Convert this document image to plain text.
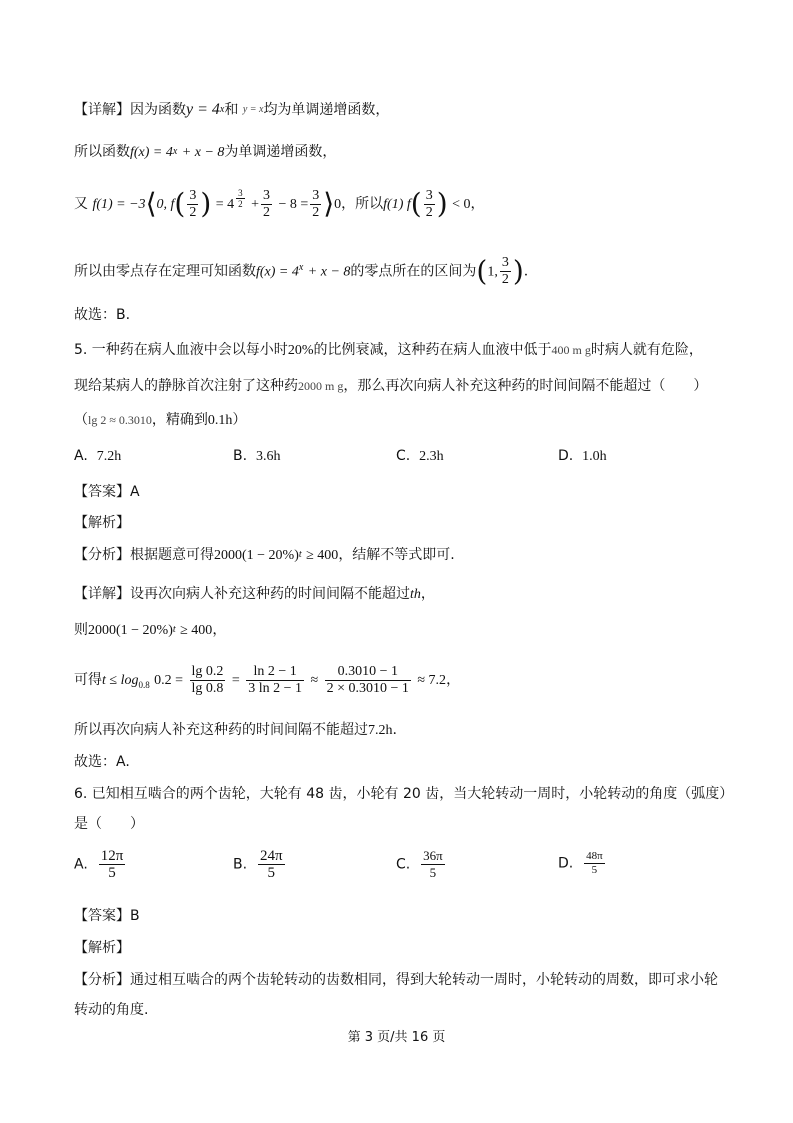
【详解】因为函数$y = 4^x$和 y = x均为单调递增函数，
所以函数$f(x) = 4^x + x - 8$为单调递增函数，
又 f(1) = −3⟨0, $f( \frac{3}{2}$ ) = $4 \frac{3}{2} + \frac{3}{2} - 8 = \frac{3}{2}$ ⟩0，所以f(1) $f( \frac{3}{2}$ ) < 0，
所以由零点存在定理可知函数$f(x) = 4^x + x - 8$的零点所在的区间为(1, $\frac{3}{2}$ ).
故选：B.
5. 一种药在病人血液中会以每小时20%的比例衰减，这种药在病人血液中低于400 m g时病人就有危险，
现给某病人的静脉首次注射了这种药2000 m g，那么再次向病人补充这种药的时间间隔不能超过（　　）
（lg 2 ≈ 0.3010，精确到0.1h）
A. 7.2h	B. 3.6h	C. 2.3h	D. 1.0h
【答案】A
【解析】
【分析】根据题意可得$2000(1 - 20\%)^t \ge 400$，结解不等式即可.
【详解】设再次向病人补充这种药的时间间隔不能超过th，
则$2000(1 - 20\%)^t \ge 400$，
可得$t \le \log_{0.8} 0.2 = \frac{\lg 0.2}{\lg 0.8} = \frac{\ln 2 - 1}{3 \ln 2 - 1} \approx \frac{0.3010 - 1}{2 \times 0.3010 - 1} \approx 7.2$，
所以再次向病人补充这种药的时间间隔不能超过7.2h.
故选：A.
6. 已知相互啮合的两个齿轮，大轮有 48 齿，小轮有 20 齿，当大轮转动一周时，小轮转动的角度（弧度）
是（　　）
A. $\frac{12\pi}{5}$	B. $\frac{24\pi}{5}$	C. $\frac{36\pi}{5}$	D. $\frac{48\pi}{5}$
【答案】B
【解析】
【分析】通过相互啮合的两个齿轮转动的齿数相同，得到大轮转动一周时，小轮转动的周数，即可求小轮
转动的角度.
第 3 页/共 16 页
